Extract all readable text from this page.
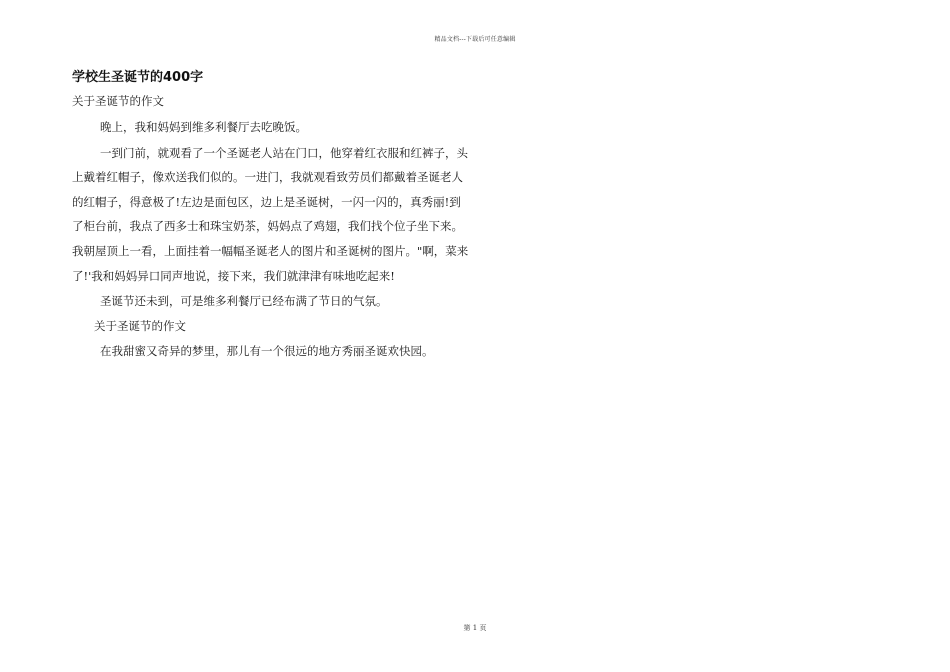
精品文档---下载后可任意编辑
学校生圣诞节的400字

关于圣诞节的作文

晚上，我和妈妈到维多利餐厅去吃晚饭。

一到门前，就观看了一个圣诞老人站在门口，他穿着红衣服和红裤子，头

上戴着红帽子，像欢送我们似的。一进门，我就观看致劳员们都戴着圣诞老人

的红帽子，得意极了!左边是面包区，边上是圣诞树，一闪一闪的，真秀丽!到

了柜台前，我点了西多士和珠宝奶茶，妈妈点了鸡翅，我们找个位子坐下来。

我朝屋顶上一看，上面挂着一幅幅圣诞老人的图片和圣诞树的图片。"啊，菜来

了!'我和妈妈异口同声地说，接下来，我们就津津有味地吃起来!

圣诞节还未到，可是维多利餐厅已经布满了节日的气氛。

关于圣诞节的作文

在我甜蜜又奇异的梦里，那儿有一个很远的地方秀丽圣诞欢快园。

第 1 页
